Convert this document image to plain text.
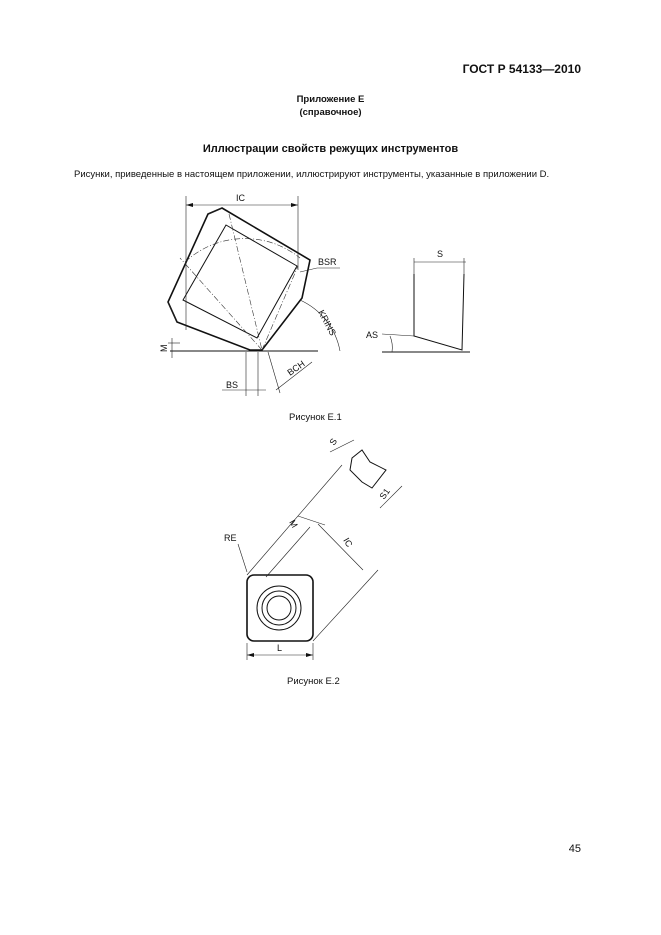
ГОСТ Р 54133—2010
Приложение Е
(справочное)
Иллюстрации свойств режущих инструментов
Рисунки, приведенные в настоящем приложении, иллюстрируют инструменты, указанные в приложении D.
IC
BSR
KRINS
BCH
BS
M
S
AS
Рисунок Е.1
M
IC
RE
L
S
S1
Рисунок Е.2
45
